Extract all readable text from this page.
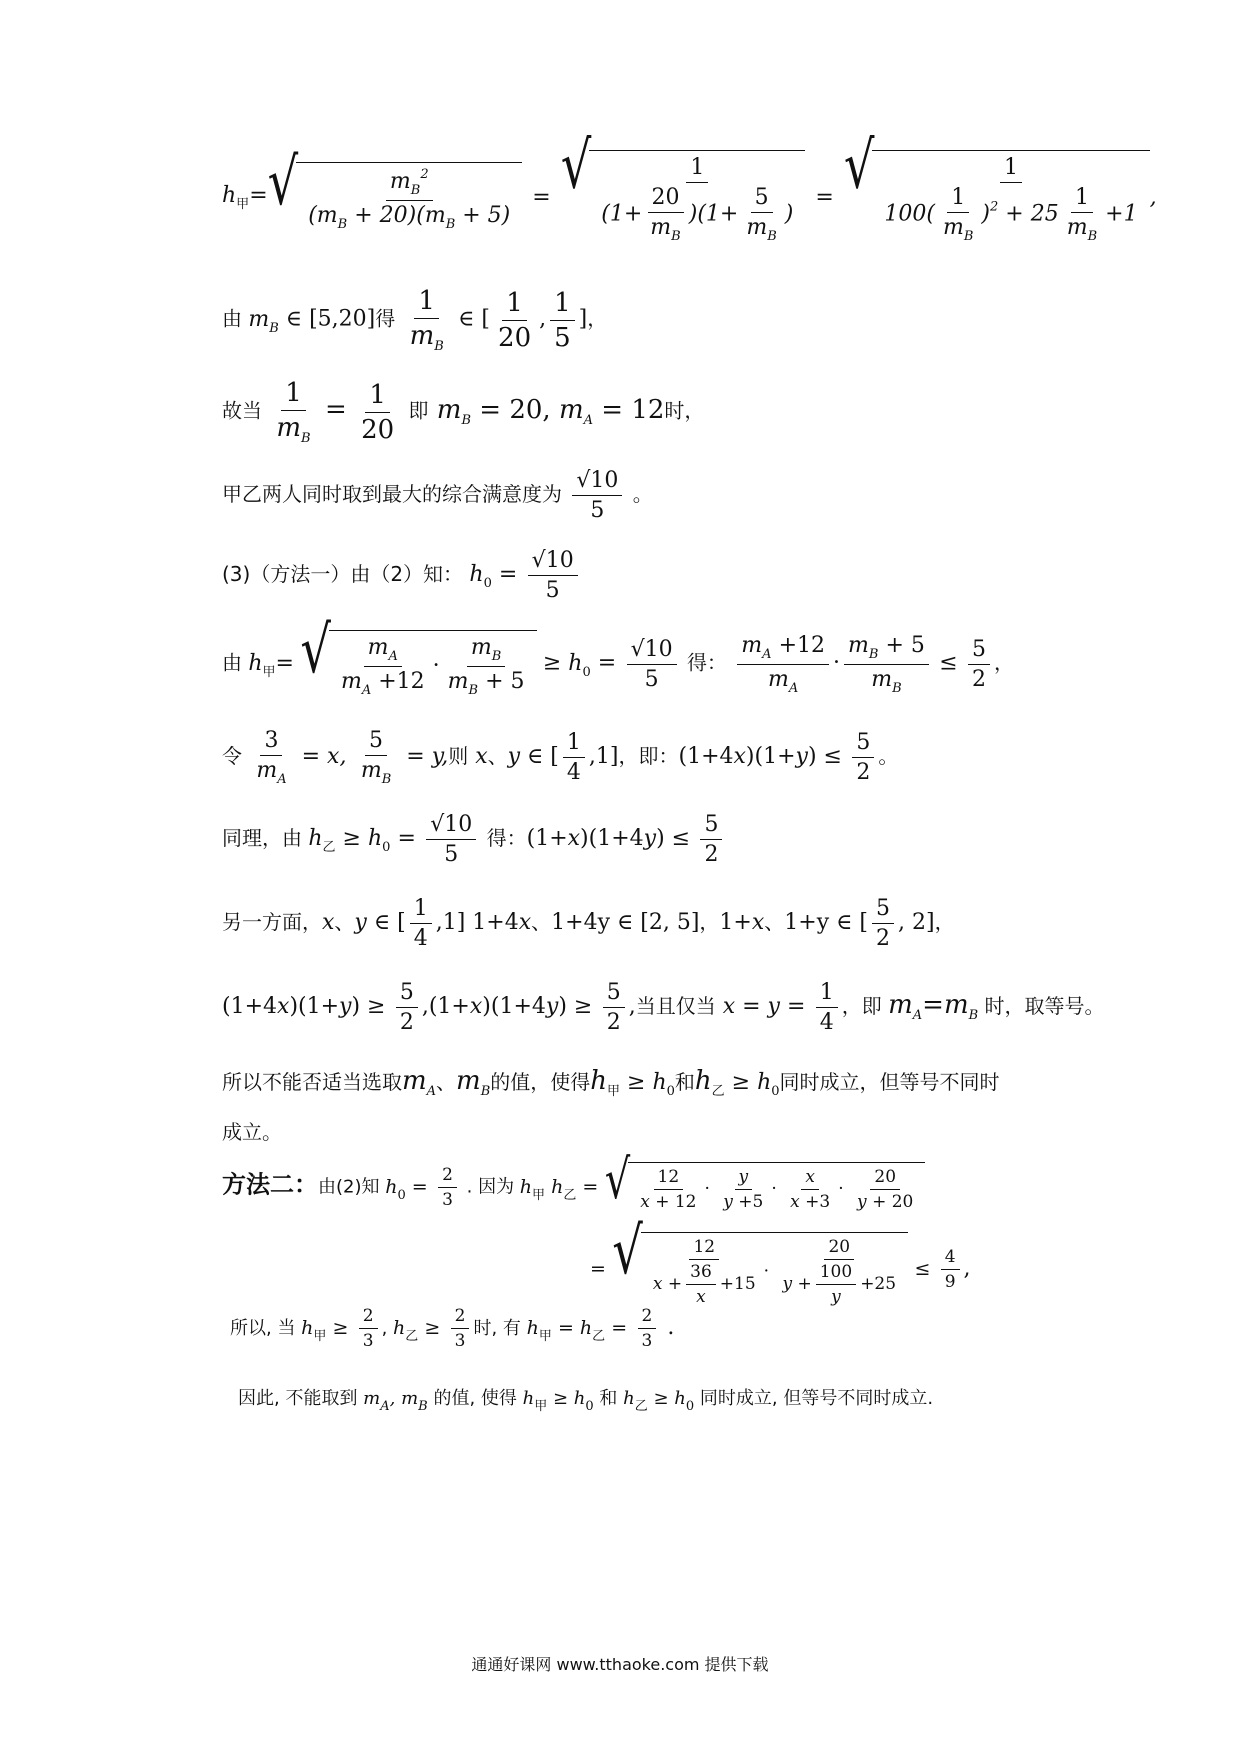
$h_甲=$ √ $\frac{m_B^2}{(m_B + 20)(m_B + 5)}$ = √ $\frac{1}{(1+ \frac{20}{m_B} )(1+ \frac{5}{m_B} )}$ = √ $\frac{1}{100( \frac{1}{m_B} )^2 + 25 \frac{1}{m_B} +1}$ ,
由 $m_B$ ∈ [5,20]得 $\frac{1}{m_B}$ ∈ [ $\frac{1}{20}$ , $\frac{1}{5}$ ]，
故当 $\frac{1}{m_B} = \frac{1}{20}$ 即 $m_B = 20$, $m_A = 12$时，
甲乙两人同时取到最大的综合满意度为 $\frac{√10}{5}$ 。
(3)（方法一）由（2）知： $h_0 = \frac{√10}{5}$
由 $h_甲=$ √ $\frac{m_A}{m_A +12} \cdot \frac{m_B}{m_B + 5} \ge h_0 = \frac{√10}{5}$ 得： $\frac{m_A +12}{m_A} \cdot \frac{m_B + 5}{m_B} \le \frac{5}{2}$ ，
令 $\frac{3}{m_A} = x$, $\frac{5}{m_B} = y$,则 x、y ∈ [ $\frac{1}{4} ,1$]，即：$(1+4x)(1+y) \le \frac{5}{2}$ 。
同理，由 $h_乙 \ge h_0 = \frac{√10}{5}$ 得：$(1+x)(1+4y) \le \frac{5}{2}$
另一方面，x、y ∈ [ $\frac{1}{4} ,1$] 1+4x、1+4y ∈ [2, 5]，1+x、1+y ∈ [ $\frac{5}{2}$ , 2]，
$(1+4x)(1+y) \ge \frac{5}{2} ,(1+x)(1+4y) \ge \frac{5}{2}$ ,当且仅当 $x = y = \frac{1}{4}$ ，即 $m_A=m_B$ 时，取等号。
所以不能否适当选取$m_A$、$m_B$的值，使得$h_甲 \ge h_0$和$h_乙 \ge h_0$同时成立，但等号不同时
成立。
方法二：由(2)知 $h_0 = \frac{2}{3}$ . 因为 $h_甲$ $h_乙$ = √ $\frac{12}{x + 12} \cdot \frac{y}{y +5} \cdot \frac{x}{x +3} \cdot \frac{20}{y + 20}$
= √ $\frac{12}{x + \frac{36}{x} +15} \cdot \frac{20}{y + \frac{100}{y} +25} \le \frac{4}{9}$ ,
所以, 当 $h_甲 \ge \frac{2}{3}$ , $h_乙 \ge \frac{2}{3}$ 时, 有 $h_甲 = h_乙 = \frac{2}{3}$ .
因此, 不能取到 $m_A$, $m_B$ 的值, 使得 $h_甲 \ge h_0$ 和 $h_乙 \ge h_0$ 同时成立, 但等号不同时成立.
通通好课网 www.tthaoke.com 提供下载
